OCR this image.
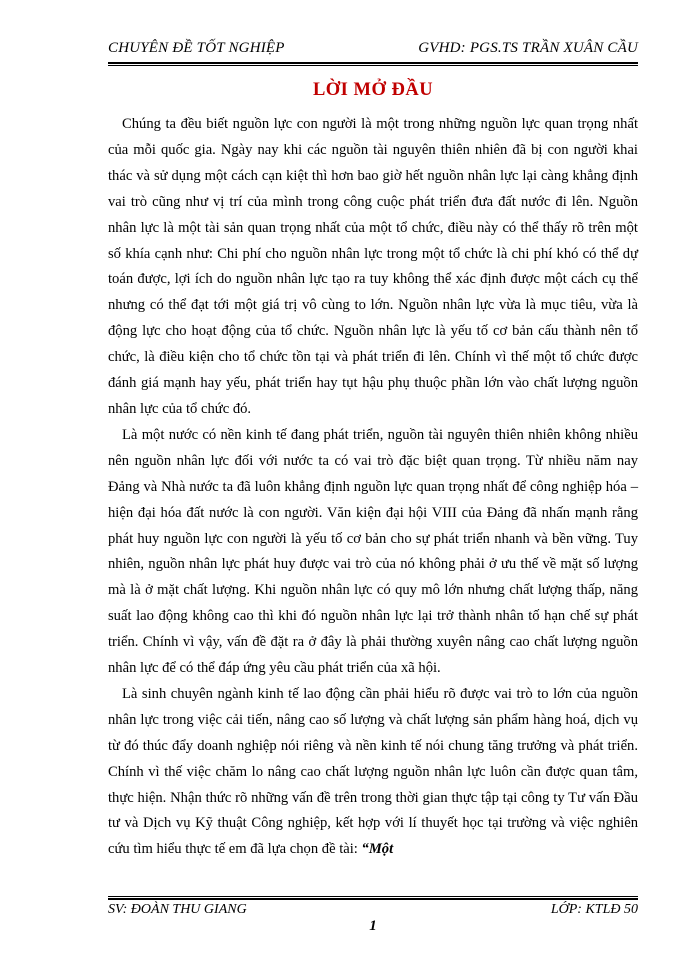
CHUYÊN ĐỀ TỐT NGHIỆP	GVHD: PGS.TS TRẦN XUÂN CẦU
LỜI MỞ ĐẦU

Chúng ta đều biết nguồn lực con người là một trong những nguồn lực quan trọng nhất của mỗi quốc gia. Ngày nay khi các nguồn tài nguyên thiên nhiên đã bị con người khai thác và sử dụng một cách cạn kiệt thì hơn bao giờ hết nguồn nhân lực lại càng khẳng định vai trò cũng như vị trí của mình trong công cuộc phát triển đưa đất nước đi lên. Nguồn nhân lực là một tài sản quan trọng nhất của một tổ chức, điều này có thể thấy rõ trên một số khía cạnh như: Chi phí cho nguồn nhân lực trong một tổ chức là chi phí khó có thể dự toán được, lợi ích do nguồn nhân lực tạo ra tuy không thể xác định được một cách cụ thể nhưng có thể đạt tới một giá trị vô cùng to lớn. Nguồn nhân lực vừa là mục tiêu, vừa là động lực cho hoạt động của tổ chức. Nguồn nhân lực là yếu tố cơ bản cấu thành nên tổ chức, là điều kiện cho tổ chức tồn tại và phát triển đi lên. Chính vì thế một tổ chức được đánh giá mạnh hay yếu, phát triển hay tụt hậu phụ thuộc phần lớn vào chất lượng nguồn nhân lực của tổ chức đó.

Là một nước có nền kinh tế đang phát triển, nguồn tài nguyên thiên nhiên không nhiều nên nguồn nhân lực đối với nước ta có vai trò đặc biệt quan trọng. Từ nhiều năm nay Đảng và Nhà nước ta đã luôn khẳng định nguồn lực quan trọng nhất để công nghiệp hóa – hiện đại hóa đất nước là con người. Văn kiện đại hội VIII của Đảng đã nhấn mạnh rằng phát huy nguồn lực con người là yếu tố cơ bản cho sự phát triển nhanh và bền vững. Tuy nhiên, nguồn nhân lực phát huy được vai trò của nó không phải ở ưu thế về mặt số lượng mà là ở mặt chất lượng. Khi nguồn nhân lực có quy mô lớn nhưng chất lượng thấp, năng suất lao động không cao thì khi đó nguồn nhân lực lại trở thành nhân tố hạn chế sự phát triển. Chính vì vậy, vấn đề đặt ra ở đây là phải thường xuyên nâng cao chất lượng nguồn nhân lực để có thể đáp ứng yêu cầu phát triển của xã hội.

Là sinh chuyên ngành kinh tế lao động cần phải hiểu rõ được vai trò to lớn của nguồn nhân lực trong việc cải tiến, nâng cao số lượng và chất lượng sản phẩm hàng hoá, dịch vụ từ đó thúc đẩy doanh nghiệp nói riêng và nền kinh tế nói chung tăng trưởng và phát triển. Chính vì thế việc chăm lo nâng cao chất lượng nguồn nhân lực luôn cần được quan tâm, thực hiện. Nhận thức rõ những vấn đề trên trong thời gian thực tập tại công ty Tư vấn Đầu tư và Dịch vụ Kỹ thuật Công nghiệp, kết hợp với lí thuyết học tại trường và việc nghiên cứu tìm hiểu thực tế em đã lựa chọn đề tài: “Một

SV: ĐOÀN THU GIANG	LỚP: KTLĐ 50
1
